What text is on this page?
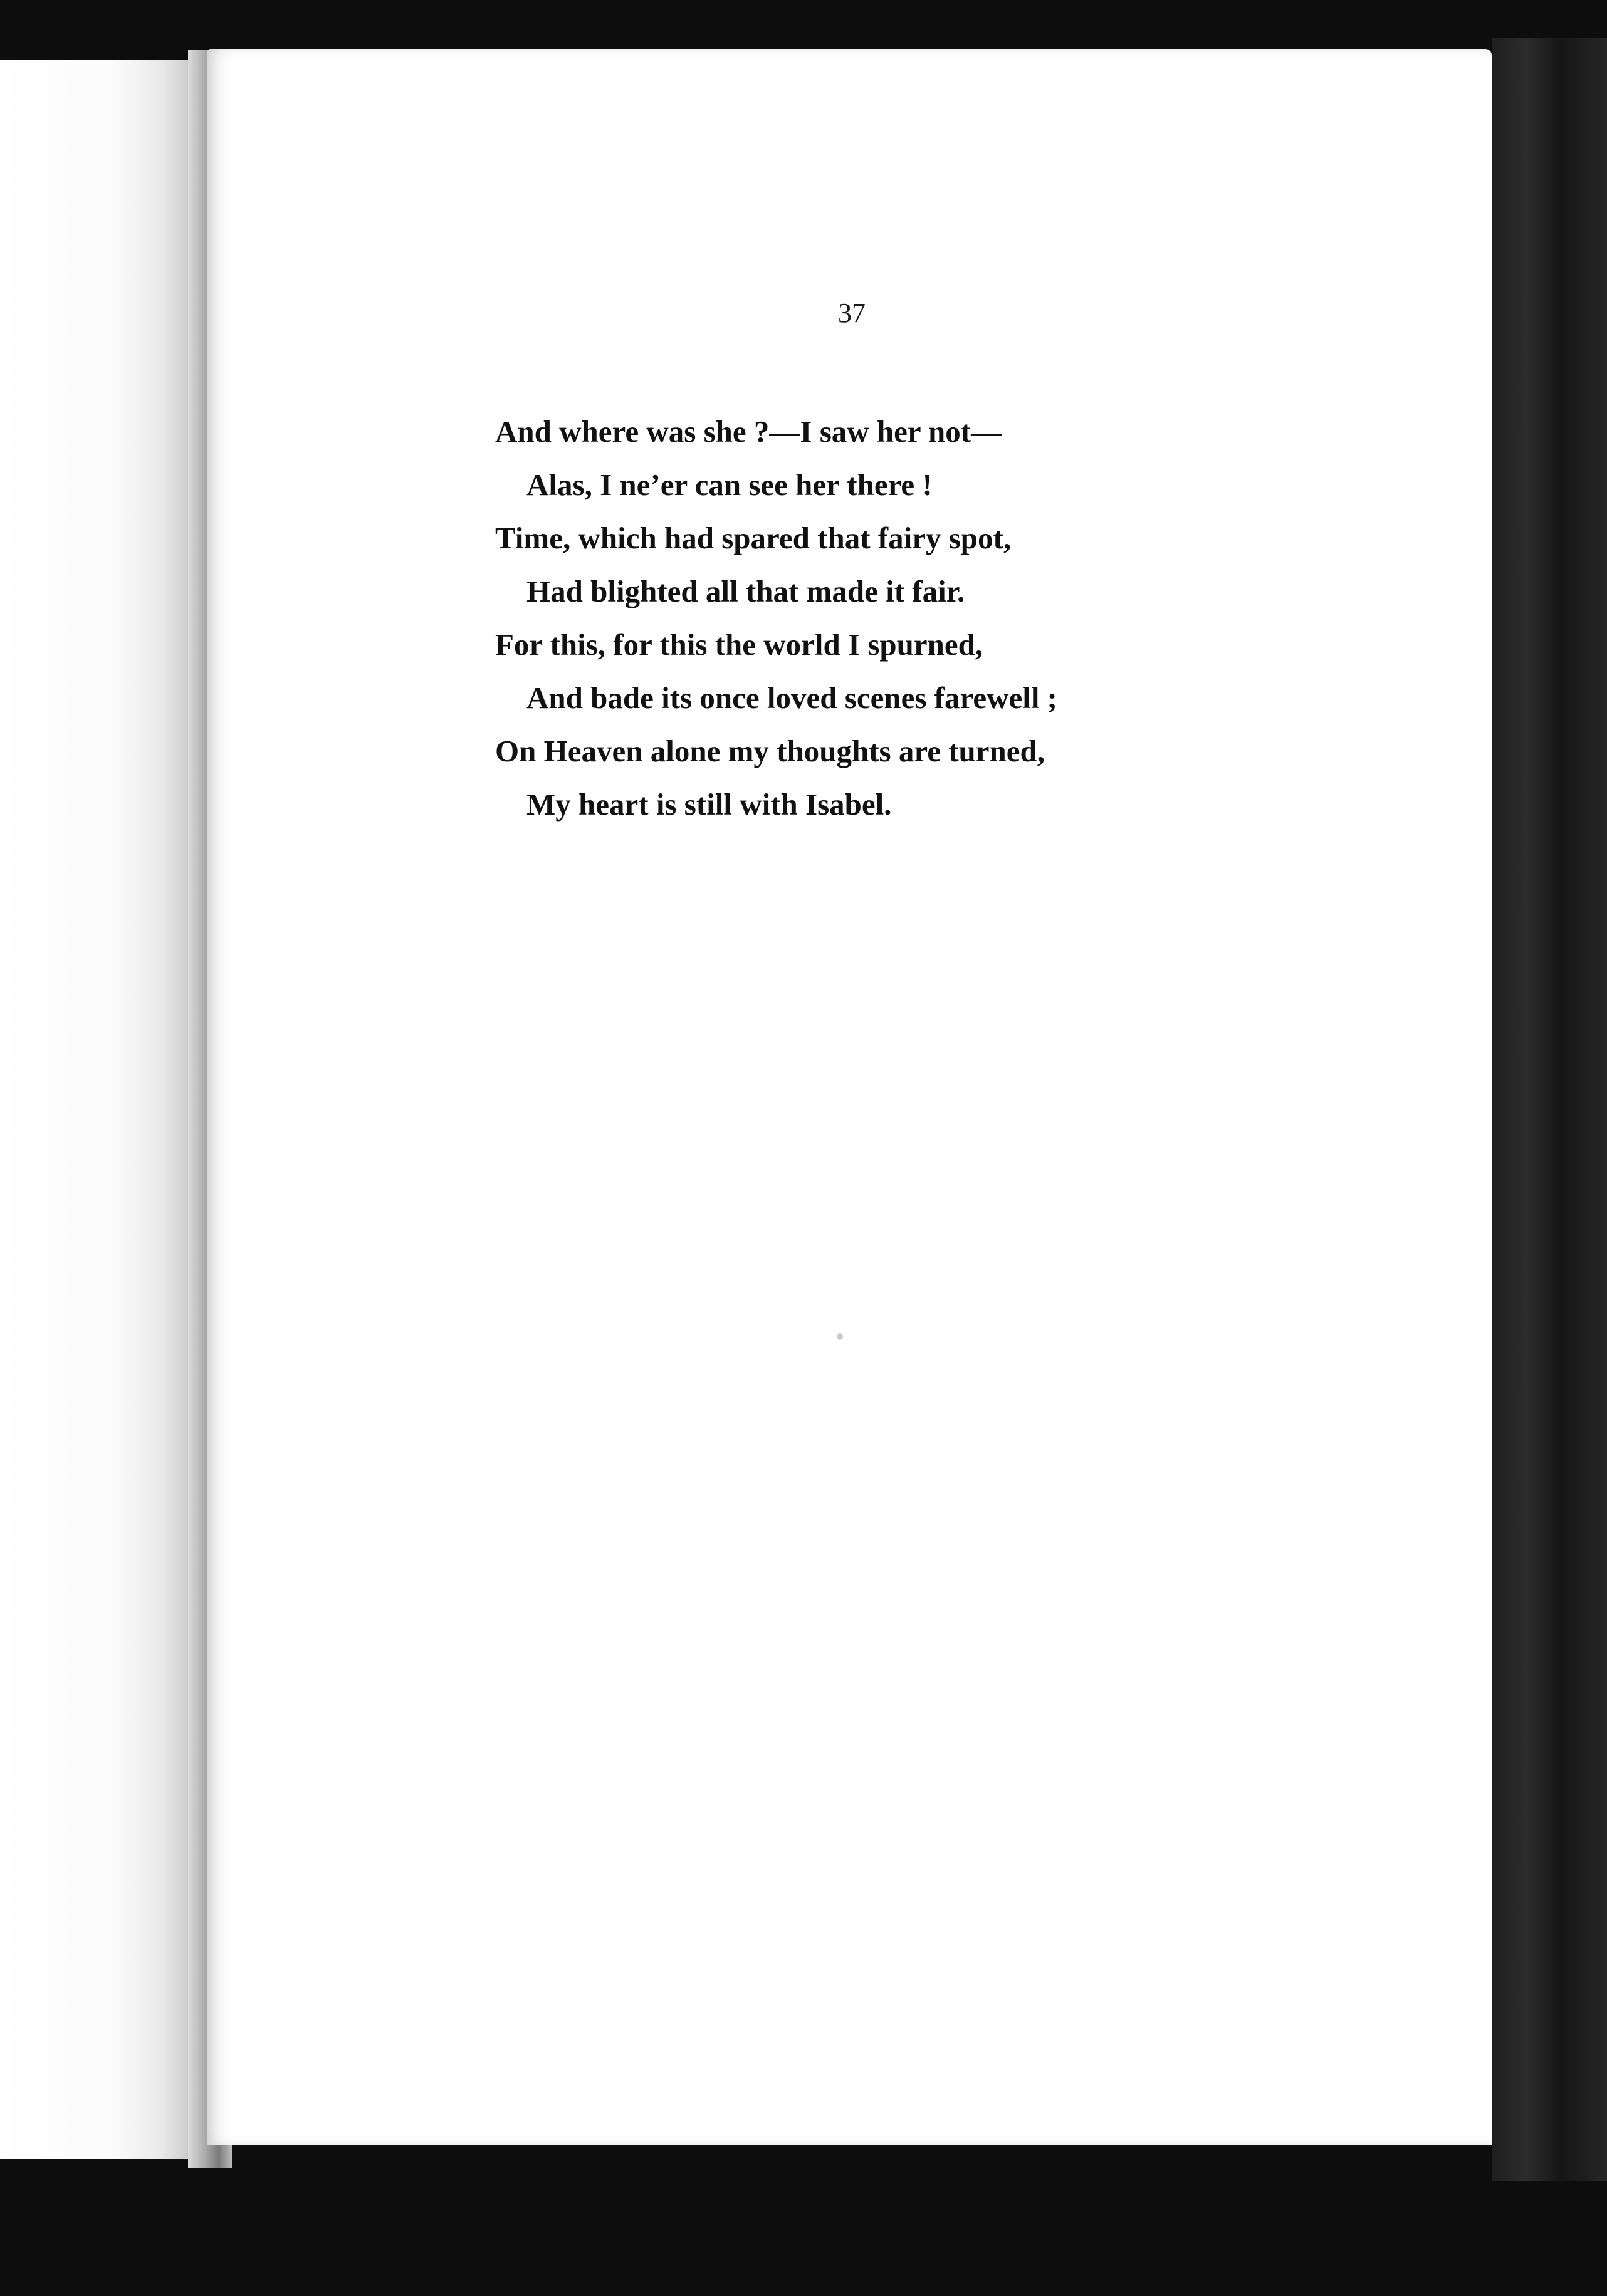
37
And where was she ?—I saw her not—
Alas, I ne’er can see her there !
Time, which had spared that fairy spot,
Had blighted all that made it fair.
For this, for this the world I spurned,
And bade its once loved scenes farewell ;
On Heaven alone my thoughts are turned,
My heart is still with Isabel.
